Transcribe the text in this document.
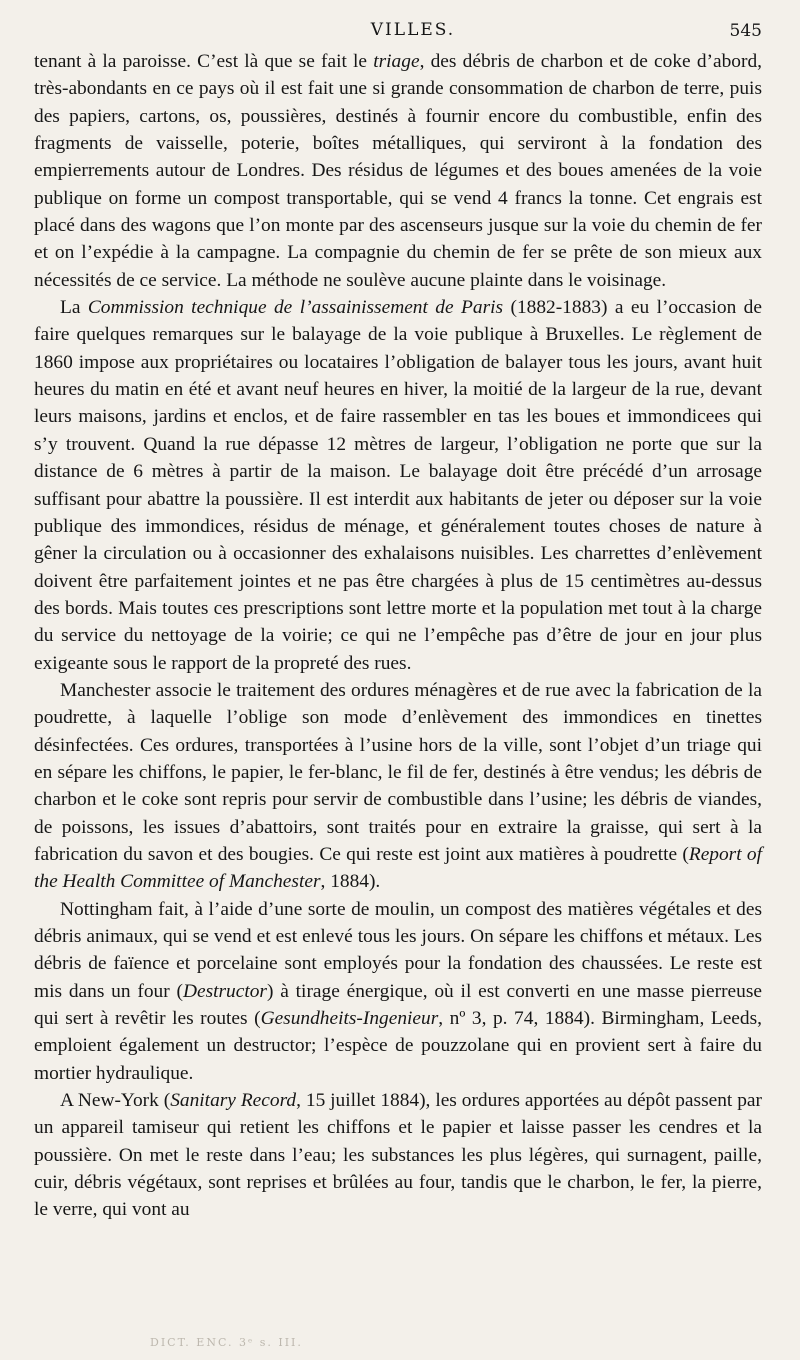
VILLES.	545

tenant à la paroisse. C’est là que se fait le triage, des débris de charbon et de coke d’abord, très-abondants en ce pays où il est fait une si grande consommation de charbon de terre, puis des papiers, cartons, os, poussières, destinés à fournir encore du combustible, enfin des fragments de vaisselle, poterie, boîtes métalliques, qui serviront à la fondation des empierrements autour de Londres. Des résidus de légumes et des boues amenées de la voie publique on forme un compost transportable, qui se vend 4 francs la tonne. Cet engrais est placé dans des wagons que l’on monte par des ascenseurs jusque sur la voie du chemin de fer et on l’expédie à la campagne. La compagnie du chemin de fer se prête de son mieux aux nécessités de ce service. La méthode ne soulève aucune plainte dans le voisinage.

La Commission technique de l’assainissement de Paris (1882-1883) a eu l’occasion de faire quelques remarques sur le balayage de la voie publique à Bruxelles. Le règlement de 1860 impose aux propriétaires ou locataires l’obligation de balayer tous les jours, avant huit heures du matin en été et avant neuf heures en hiver, la moitié de la largeur de la rue, devant leurs maisons, jardins et enclos, et de faire rassembler en tas les boues et immondicees qui s’y trouvent. Quand la rue dépasse 12 mètres de largeur, l’obligation ne porte que sur la distance de 6 mètres à partir de la maison. Le balayage doit être précédé d’un arrosage suffisant pour abattre la poussière. Il est interdit aux habitants de jeter ou déposer sur la voie publique des immondices, résidus de ménage, et généralement toutes choses de nature à gêner la circulation ou à occasionner des exhalaisons nuisibles. Les charrettes d’enlèvement doivent être parfaitement jointes et ne pas être chargées à plus de 15 centimètres au-dessus des bords. Mais toutes ces prescriptions sont lettre morte et la population met tout à la charge du service du nettoyage de la voirie; ce qui ne l’empêche pas d’être de jour en jour plus exigeante sous le rapport de la propreté des rues.

Manchester associe le traitement des ordures ménagères et de rue avec la fabrication de la poudrette, à laquelle l’oblige son mode d’enlèvement des immondices en tinettes désinfectées. Ces ordures, transportées à l’usine hors de la ville, sont l’objet d’un triage qui en sépare les chiffons, le papier, le fer-blanc, le fil de fer, destinés à être vendus; les débris de charbon et le coke sont repris pour servir de combustible dans l’usine; les débris de viandes, de poissons, les issues d’abattoirs, sont traités pour en extraire la graisse, qui sert à la fabrication du savon et des bougies. Ce qui reste est joint aux matières à poudrette (Report of the Health Committee of Manchester, 1884).

Nottingham fait, à l’aide d’une sorte de moulin, un compost des matières végétales et des débris animaux, qui se vend et est enlevé tous les jours. On sépare les chiffons et métaux. Les débris de faïence et porcelaine sont employés pour la fondation des chaussées. Le reste est mis dans un four (Destructor) à tirage énergique, où il est converti en une masse pierreuse qui sert à revêtir les routes (Gesundheits-Ingenieur, nº 3, p. 74, 1884). Birmingham, Leeds, emploient également un destructor; l’espèce de pouzzolane qui en provient sert à faire du mortier hydraulique.

A New-York (Sanitary Record, 15 juillet 1884), les ordures apportées au dépôt passent par un appareil tamiseur qui retient les chiffons et le papier et laisse passer les cendres et la poussière. On met le reste dans l’eau; les substances les plus légères, qui surnagent, paille, cuir, débris végétaux, sont reprises et brûlées au four, tandis que le charbon, le fer, la pierre, le verre, qui vont au

DICT. ENC. 3ᵉ s. III.
